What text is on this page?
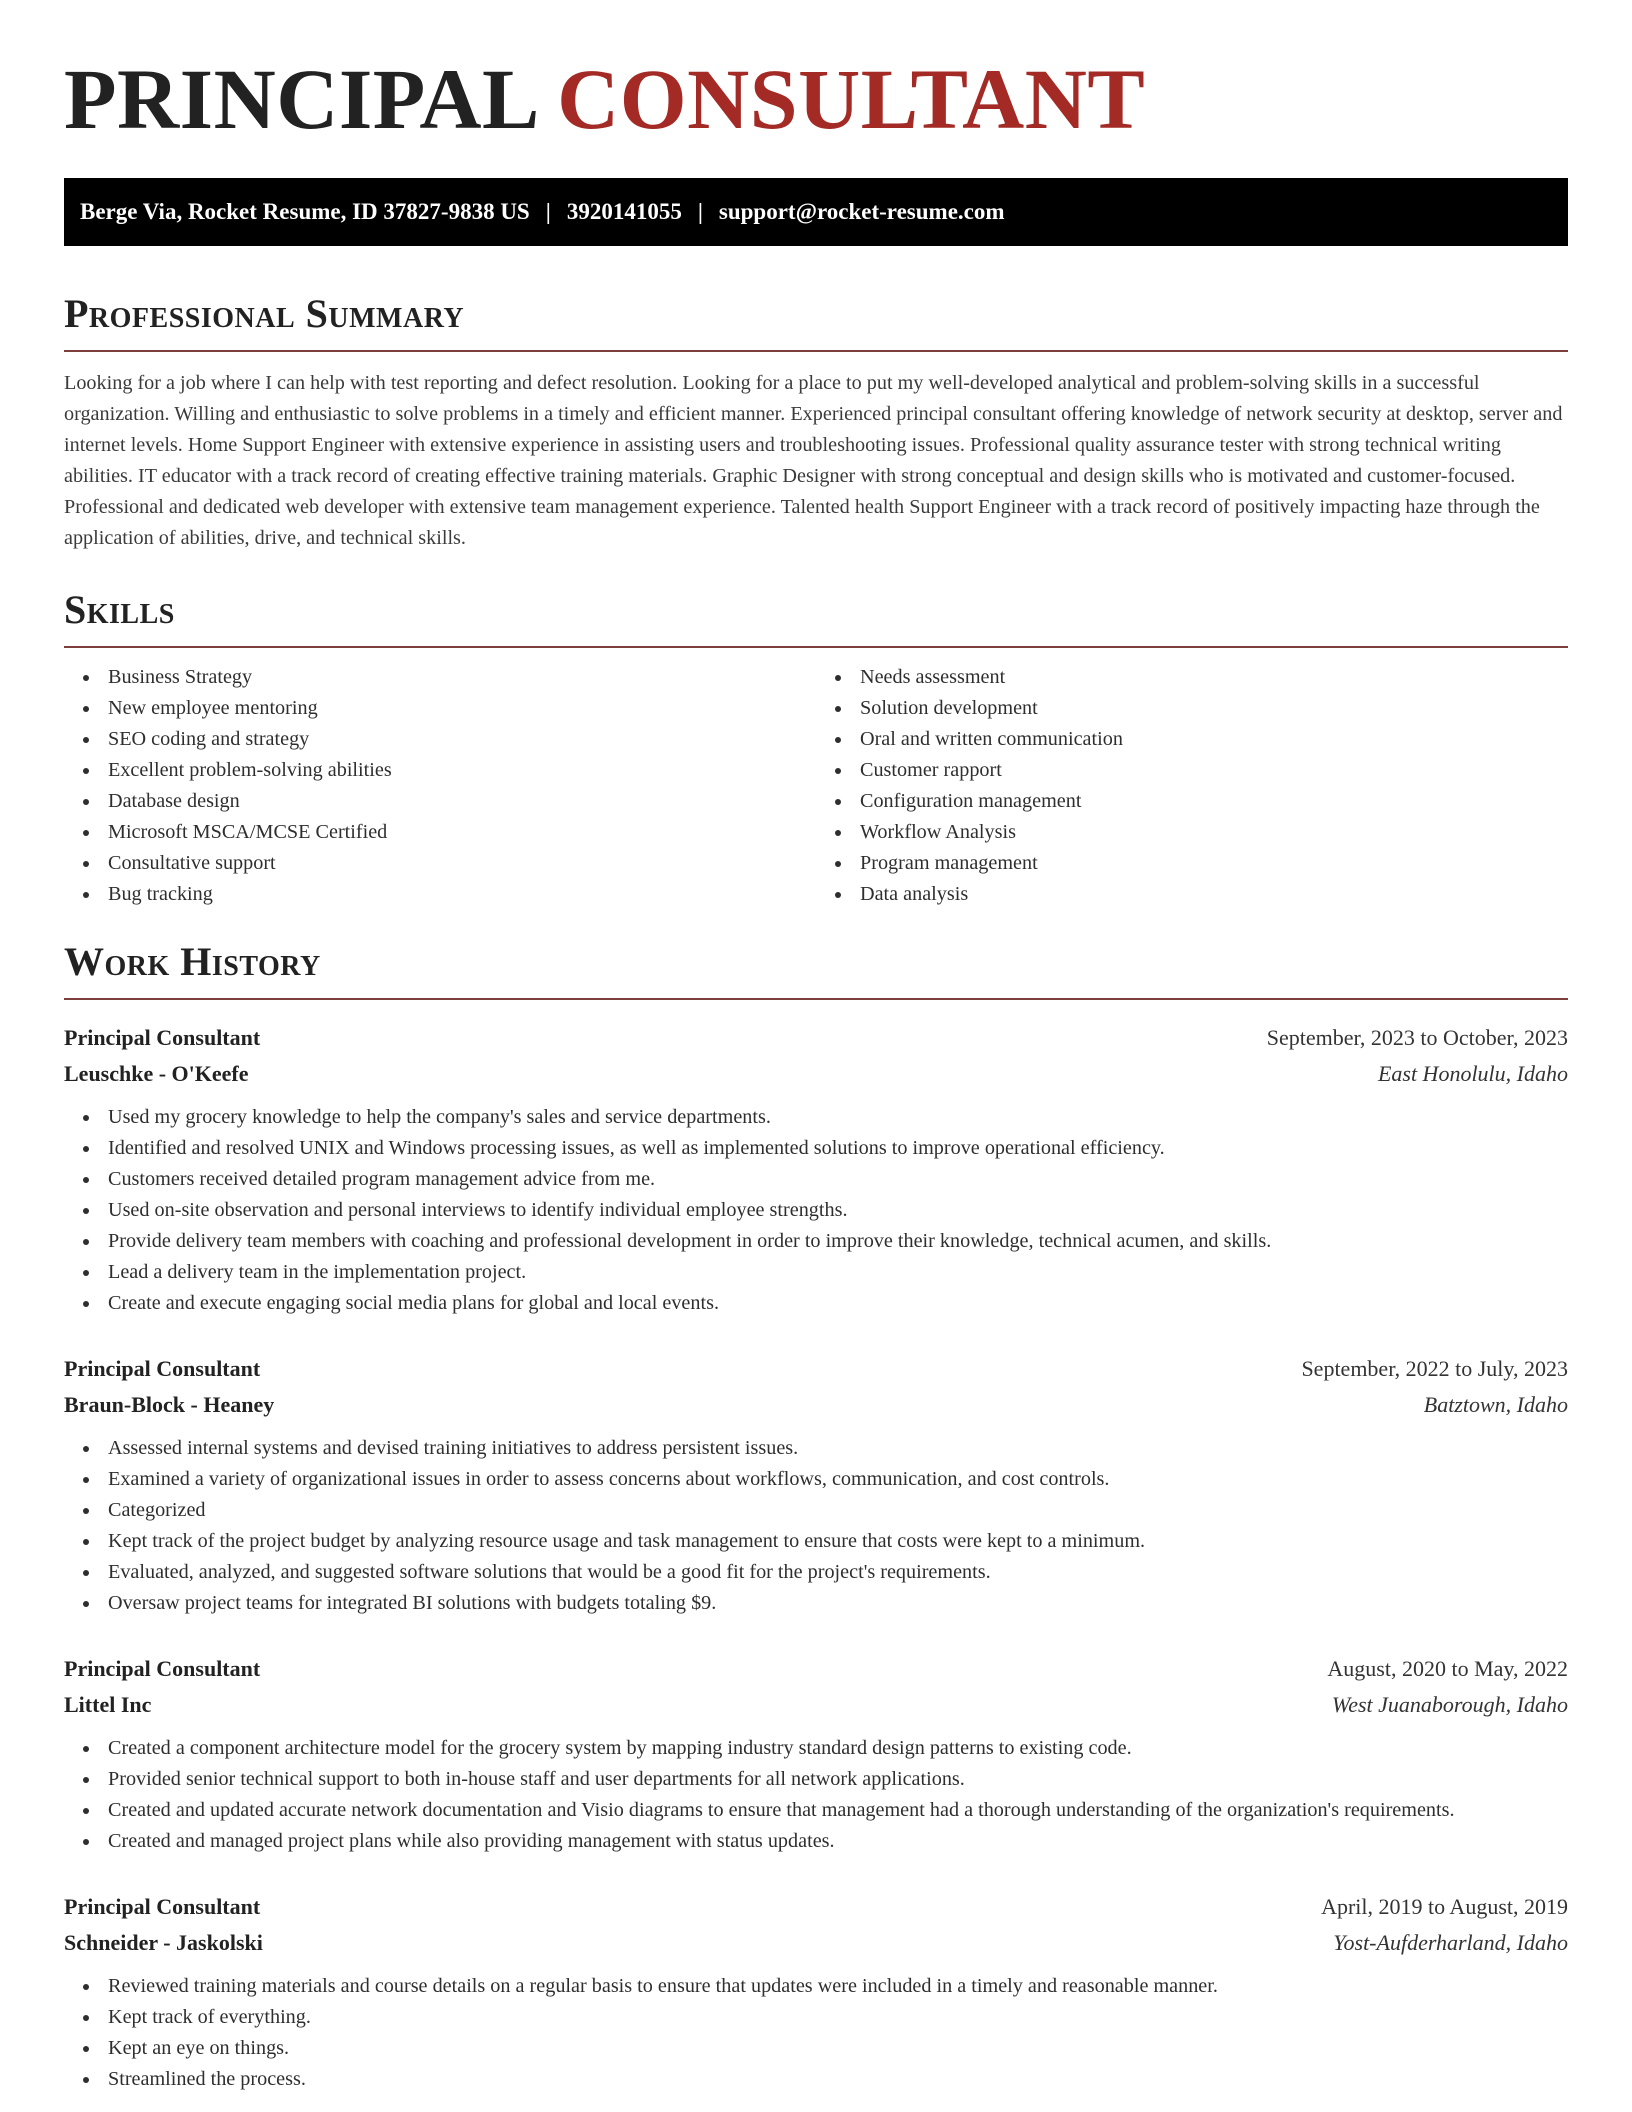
PRINCIPAL CONSULTANT
Berge Via, Rocket Resume, ID 37827-9838 US | 3920141055 | support@rocket-resume.com
Professional Summary

Looking for a job where I can help with test reporting and defect resolution. Looking for a place to put my well-developed analytical and problem-solving skills in a successful organization. Willing and enthusiastic to solve problems in a timely and efficient manner. Experienced principal consultant offering knowledge of network security at desktop, server and internet levels. Home Support Engineer with extensive experience in assisting users and troubleshooting issues. Professional quality assurance tester with strong technical writing abilities. IT educator with a track record of creating effective training materials. Graphic Designer with strong conceptual and design skills who is motivated and customer-focused. Professional and dedicated web developer with extensive team management experience. Talented health Support Engineer with a track record of positively impacting haze through the application of abilities, drive, and technical skills.

Skills
Business Strategy
New employee mentoring
SEO coding and strategy
Excellent problem-solving abilities
Database design
Microsoft MSCA/MCSE Certified
Consultative support
Bug tracking
Needs assessment
Solution development
Oral and written communication
Customer rapport
Configuration management
Workflow Analysis
Program management
Data analysis
Work History
Principal Consultant	September, 2023 to October, 2023
Leuschke - O'Keefe	East Honolulu, Idaho
Used my grocery knowledge to help the company's sales and service departments.
Identified and resolved UNIX and Windows processing issues, as well as implemented solutions to improve operational efficiency.
Customers received detailed program management advice from me.
Used on-site observation and personal interviews to identify individual employee strengths.
Provide delivery team members with coaching and professional development in order to improve their knowledge, technical acumen, and skills.
Lead a delivery team in the implementation project.
Create and execute engaging social media plans for global and local events.
Principal Consultant	September, 2022 to July, 2023
Braun-Block - Heaney	Batztown, Idaho
Assessed internal systems and devised training initiatives to address persistent issues.
Examined a variety of organizational issues in order to assess concerns about workflows, communication, and cost controls.
Categorized
Kept track of the project budget by analyzing resource usage and task management to ensure that costs were kept to a minimum.
Evaluated, analyzed, and suggested software solutions that would be a good fit for the project's requirements.
Oversaw project teams for integrated BI solutions with budgets totaling $9.
Principal Consultant	August, 2020 to May, 2022
Littel Inc	West Juanaborough, Idaho
Created a component architecture model for the grocery system by mapping industry standard design patterns to existing code.
Provided senior technical support to both in-house staff and user departments for all network applications.
Created and updated accurate network documentation and Visio diagrams to ensure that management had a thorough understanding of the organization's requirements.
Created and managed project plans while also providing management with status updates.
Principal Consultant	April, 2019 to August, 2019
Schneider - Jaskolski	Yost-Aufderharland, Idaho
Reviewed training materials and course details on a regular basis to ensure that updates were included in a timely and reasonable manner.
Kept track of everything.
Kept an eye on things.
Streamlined the process.
